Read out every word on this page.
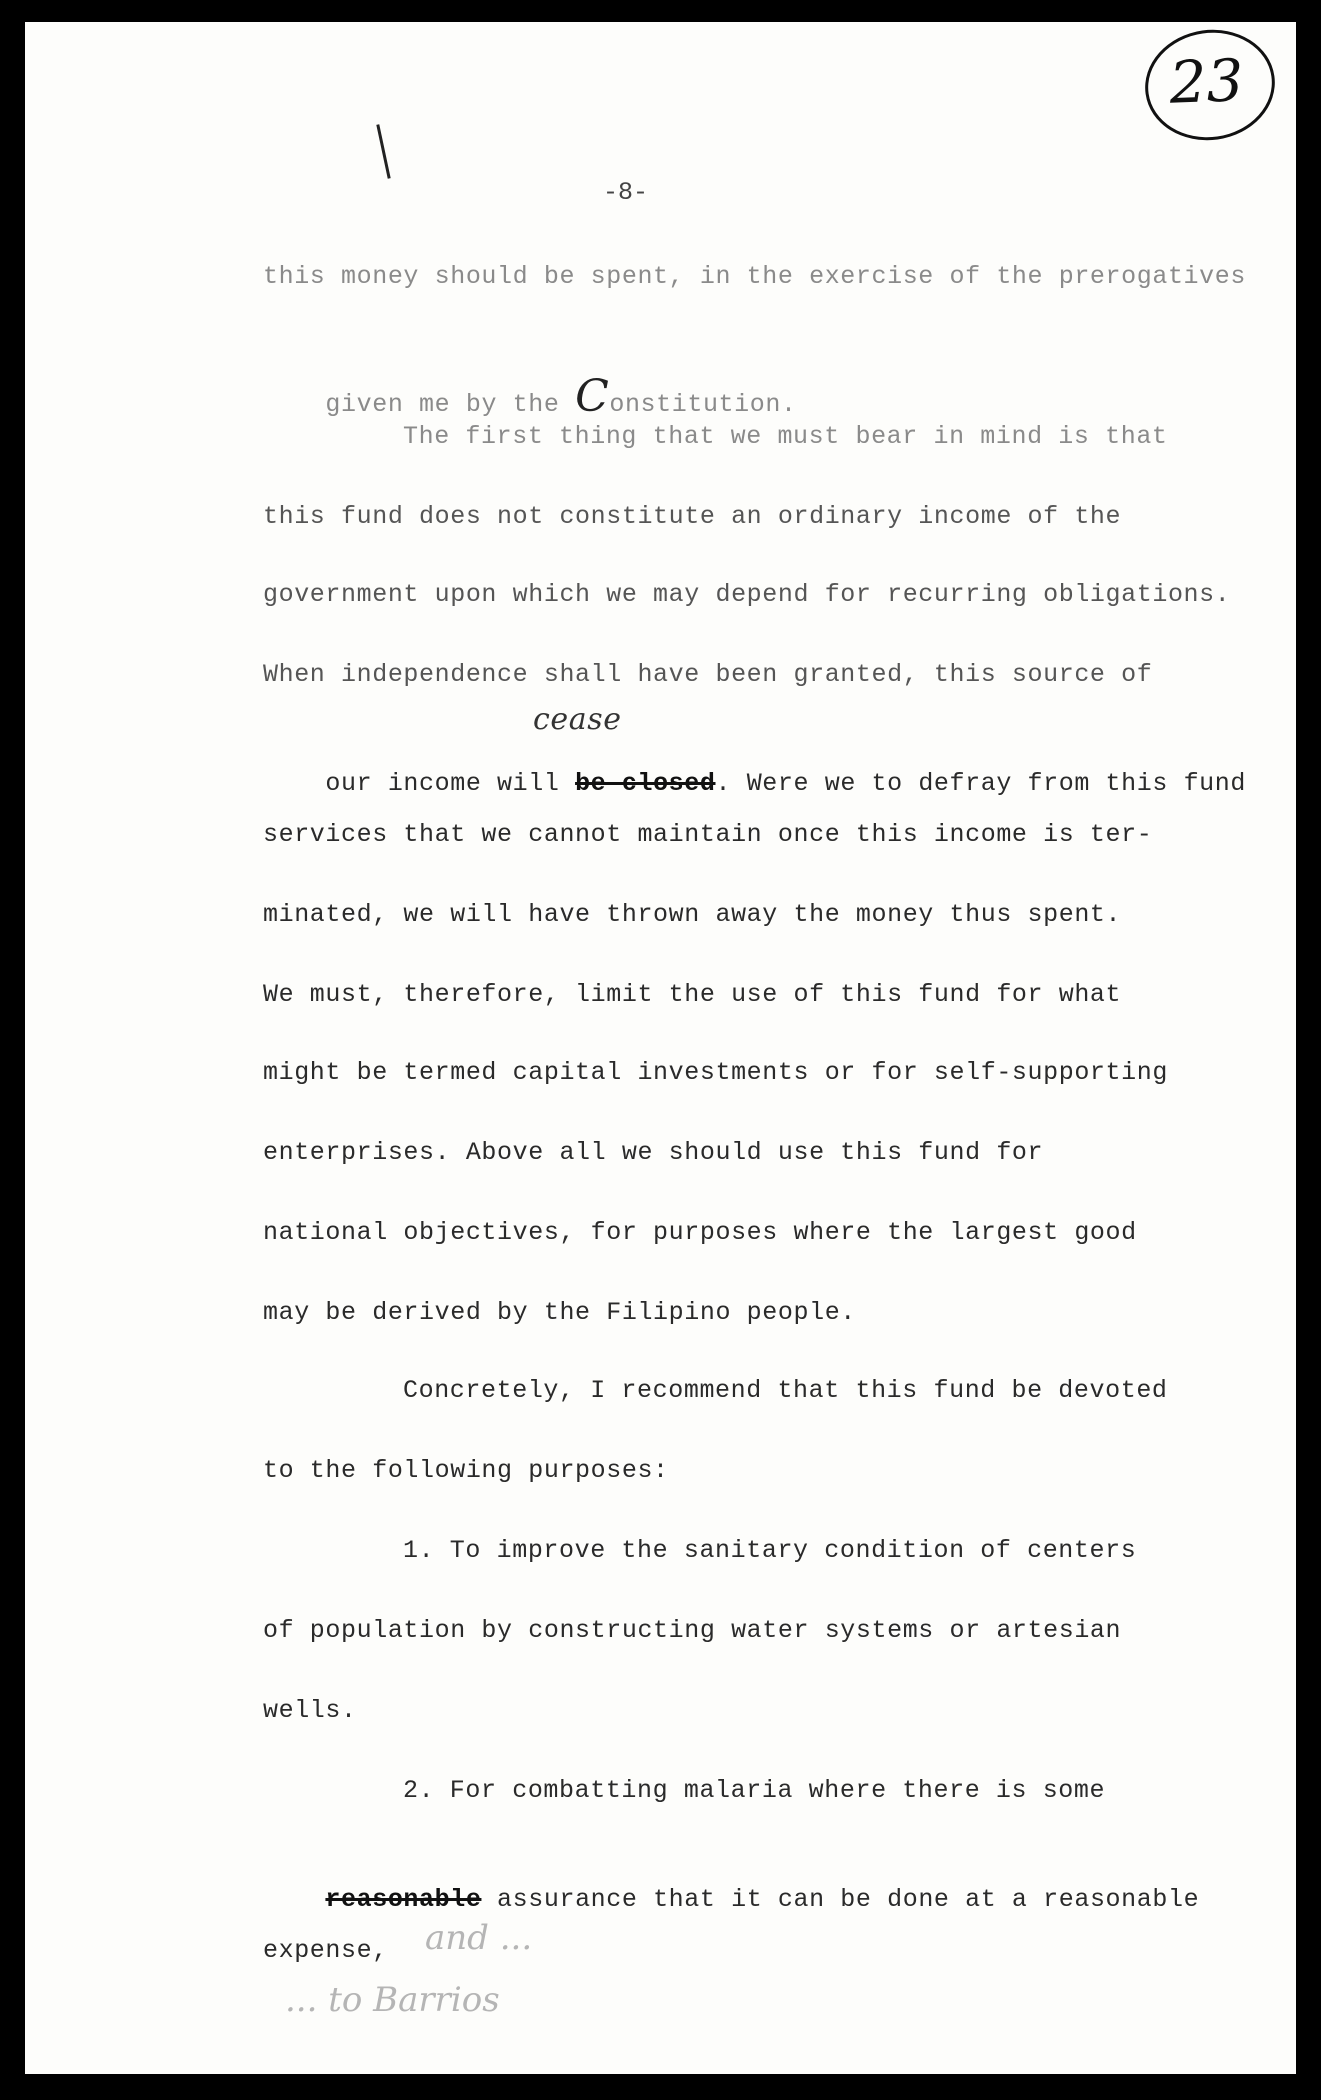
23
-8-
this money should be spent, in the exercise of the prerogatives

given me by the Constitution.

The first thing that we must bear in mind is that
this fund does not constitute an ordinary income of the
government upon which we may depend for recurring obligations.
When independence shall have been granted, this source of
cease

our income will be closed. Were we to defray from this fund

services that we cannot maintain once this income is ter-
minated, we will have thrown away the money thus spent.
We must, therefore, limit the use of this fund for what
might be termed capital investments or for self-supporting
enterprises. Above all we should use this fund for
national objectives, for purposes where the largest good
may be derived by the Filipino people.
Concretely, I recommend that this fund be devoted
to the following purposes:
1. To improve the sanitary condition of centers
of population by constructing water systems or artesian
wells.
2. For combatting malaria where there is some

reasonable assurance that it can be done at a reasonable

expense, and ...
... to Barrios
